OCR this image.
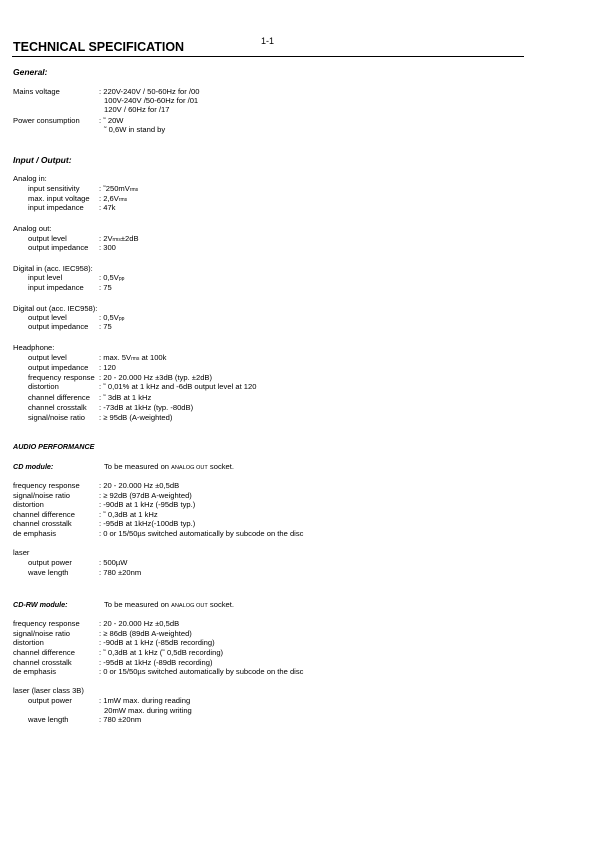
1-1
TECHNICAL SPECIFICATION
General:
Mains voltage	: 220V-240V / 50-60Hz for /00
100V-240V /50-60Hz for /01
120V / 60Hz for /17
Power consumption	: ˜ 20W
˜ 0,6W in stand by
Input / Output:
Analog in:
input sensitivity	: ˜250mVrms
max. input voltage : 2,6Vrms
input impedance : 47k
Analog out:
output level	: 2Vrms±2dB
output impedance : 300
Digital in (acc. IEC958):
input level	: 0,5Vpp
input impedance : 75
Digital out (acc. IEC958):
output level	: 0,5Vpp
output impedance : 75
Headphone:
output level	: max. 5Vrms at 100k
output impedance : 120
frequency response : 20 - 20.000 Hz ±3dB (typ. ±2dB)
distortion	: ˜ 0,01% at 1 kHz and -6dB output level at 120
channel difference : ˜ 3dB at 1 kHz
channel crosstalk : -73dB at 1kHz (typ. -80dB)
signal/noise ratio : ≥ 95dB (A-weighted)
AUDIO PERFORMANCE
CD module:	To be measured on ANALOG OUT socket.
frequency response	: 20 - 20.000 Hz ±0,5dB
signal/noise ratio	: ≥ 92dB (97dB A-weighted)
distortion	: -90dB at 1 kHz (-95dB typ.)
channel difference	: ˜ 0,3dB at 1 kHz
channel crosstalk	: -95dB at 1kHz(-100dB typ.)
de emphasis	: 0 or 15/50µs switched automatically by subcode on the disc
laser
output power	: 500µW
wave length	: 780 ±20nm
CD-RW module:	To be measured on ANALOG OUT socket.
frequency response	: 20 - 20.000 Hz ±0,5dB
signal/noise ratio	: ≥ 86dB (89dB A-weighted)
distortion	: -90dB at 1 kHz (-85dB recording)
channel difference	: ˜ 0,3dB at 1 kHz (˜ 0,5dB recording)
channel crosstalk	: -95dB at 1kHz (-89dB recording)
de emphasis	: 0 or 15/50µs switched automatically by subcode on the disc
laser (laser class 3B)
output power	: 1mW max. during reading
20mW max. during writing
wave length	: 780 ±20nm
